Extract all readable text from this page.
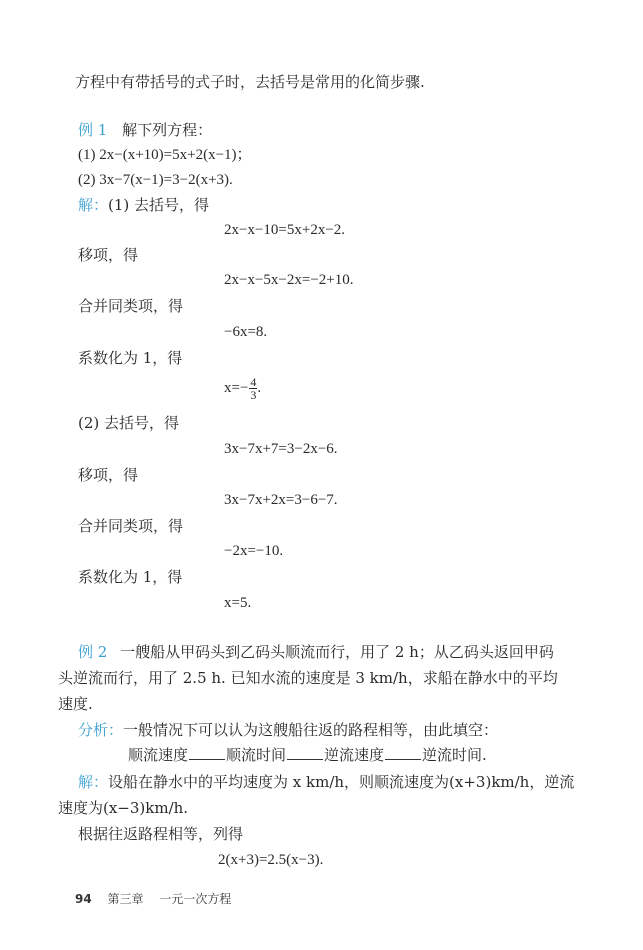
方程中有带括号的式子时，去括号是常用的化简步骤.
例 1 解下列方程：
(1) 2x−(x+10)=5x+2(x−1)；
(2) 3x−7(x−1)=3−2(x+3).
解：(1) 去括号，得
2x−x−10=5x+2x−2.
移项，得
2x−x−5x−2x=−2+10.
合并同类项，得
−6x=8.
系数化为 1，得
$x=- \frac{4}{3}$ .
(2) 去括号，得
3x−7x+7=3−2x−6.
移项，得
3x−7x+2x=3−6−7.
合并同类项，得
−2x=−10.
系数化为 1，得
x=5.
例 2 一艘船从甲码头到乙码头顺流而行，用了 2 h；从乙码头返回甲码
头逆流而行，用了 2.5 h. 已知水流的速度是 3 km/h，求船在静水中的平均
速度.
分析：一般情况下可以认为这艘船往返的路程相等，由此填空：
顺流速度	顺流时间	逆流速度	逆流时间.
解：设船在静水中的平均速度为 x km/h，则顺流速度为(x+3)km/h，逆流
速度为(x−3)km/h.
根据往返路程相等，列得
2(x+3)=2.5(x−3).
94 第三章 一元一次方程
